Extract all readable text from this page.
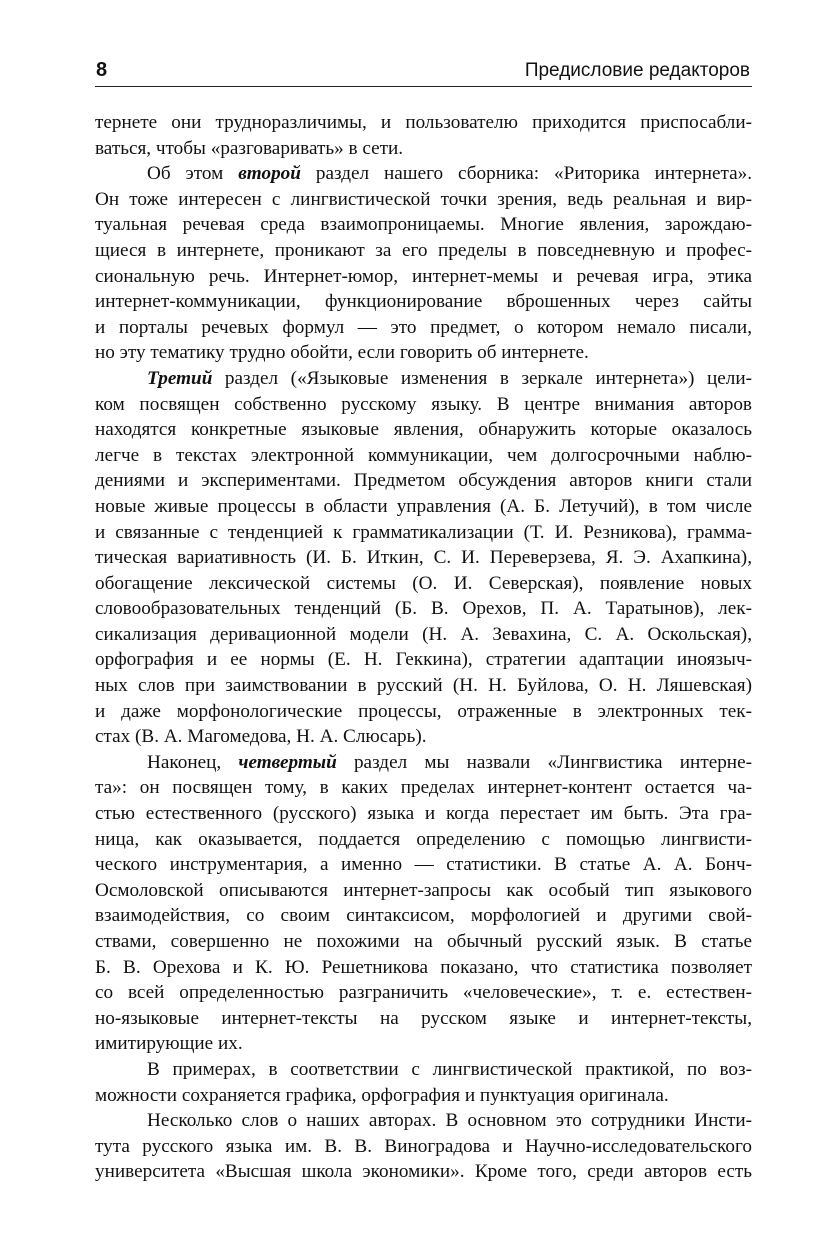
8	Предисловие редакторов

тернете они трудноразличимы, и пользователю приходится приспосабли-
ваться, чтобы «разговаривать» в сети.

Об этом второй раздел нашего сборника: «Риторика интернета».
Он тоже интересен с лингвистической точки зрения, ведь реальная и вир-
туальная речевая среда взаимопроницаемы. Многие явления, зарождаю-
щиеся в интернете, проникают за его пределы в повседневную и профес-
сиональную речь. Интернет-юмор, интернет-мемы и речевая игра, этика
интернет-коммуникации, функционирование вброшенных через сайты
и порталы речевых формул — это предмет, о котором немало писали,
но эту тематику трудно обойти, если говорить об интернете.

Третий раздел («Языковые изменения в зеркале интернета») цели-
ком посвящен собственно русскому языку. В центре внимания авторов
находятся конкретные языковые явления, обнаружить которые оказалось
легче в текстах электронной коммуникации, чем долгосрочными наблю-
дениями и экспериментами. Предметом обсуждения авторов книги стали
новые живые процессы в области управления (А. Б. Летучий), в том числе
и связанные с тенденцией к грамматикализации (Т. И. Резникова), грамма-
тическая вариативность (И. Б. Иткин, С. И. Переверзева, Я. Э. Ахапкина),
обогащение лексической системы (О. И. Северская), появление новых
словообразовательных тенденций (Б. В. Орехов, П. А. Таратынов), лек-
сикализация деривационной модели (Н. А. Зевахина, С. А. Оскольская),
орфография и ее нормы (Е. Н. Геккина), стратегии адаптации иноязыч-
ных слов при заимствовании в русский (Н. Н. Буйлова, О. Н. Ляшевская)
и даже морфонологические процессы, отраженные в электронных тек-
стах (В. А. Магомедова, Н. А. Слюсарь).

Наконец, четвертый раздел мы назвали «Лингвистика интерне-
та»: он посвящен тому, в каких пределах интернет-контент остается ча-
стью естественного (русского) языка и когда перестает им быть. Эта гра-
ница, как оказывается, поддается определению с помощью лингвисти-
ческого инструментария, а именно — статистики. В статье А. А. Бонч-
Осмоловской описываются интернет-запросы как особый тип языкового
взаимодействия, со своим синтаксисом, морфологией и другими свой-
ствами, совершенно не похожими на обычный русский язык. В статье
Б. В. Орехова и К. Ю. Решетникова показано, что статистика позволяет
со всей определенностью разграничить «человеческие», т. е. естествен-
но-языковые интернет-тексты на русском языке и интернет-тексты,
имитирующие их.

В примерах, в соответствии с лингвистической практикой, по воз-
можности сохраняется графика, орфография и пунктуация оригинала.

Несколько слов о наших авторах. В основном это сотрудники Инсти-
тута русского языка им. В. В. Виноградова и Научно-исследовательского
университета «Высшая школа экономики». Кроме того, среди авторов есть
